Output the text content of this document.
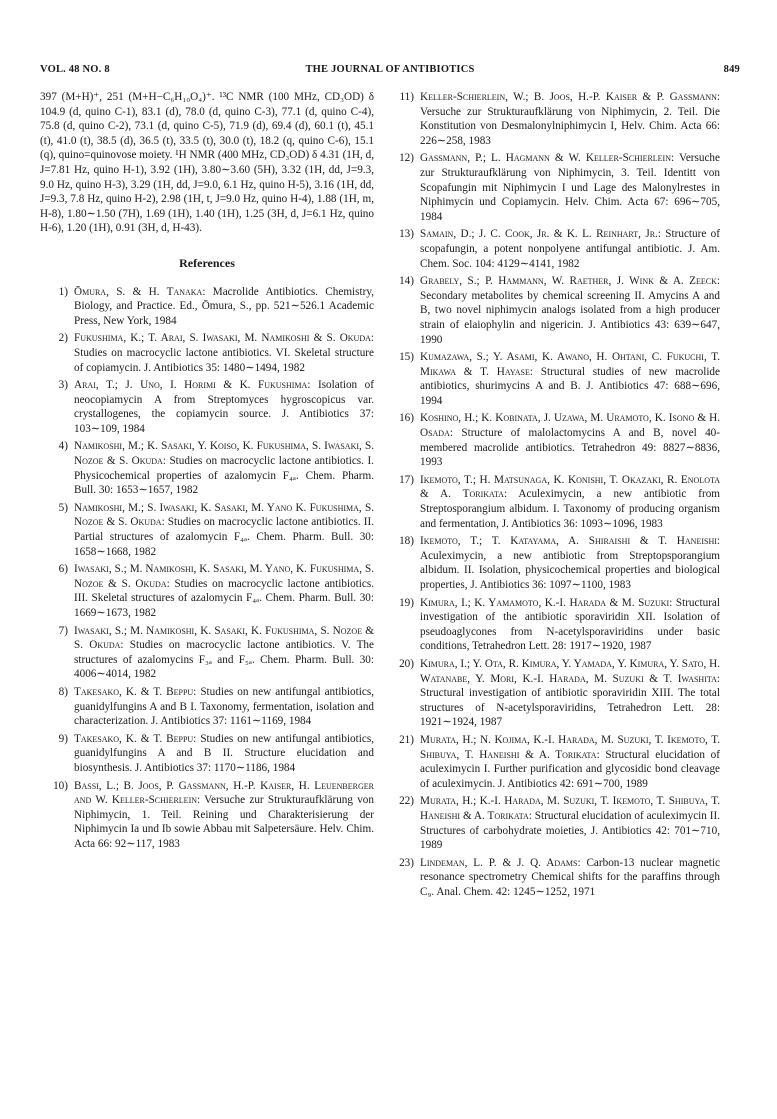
VOL. 48 NO. 8	THE JOURNAL OF ANTIBIOTICS	849

397 (M+H)⁺, 251 (M+H−C₆H₁₀O₄)⁺. ¹³C NMR (100 MHz, CD₃OD) δ 104.9 (d, quino C-1), 83.1 (d), 78.0 (d, quino C-3), 77.1 (d, quino C-4), 75.8 (d, quino C-2), 73.1 (d, quino C-5), 71.9 (d), 69.4 (d), 60.1 (t), 45.1 (t), 41.0 (t), 38.5 (d), 36.5 (t), 33.5 (t), 30.0 (t), 18.2 (q, quino C-6), 15.1 (q), quino=quinovose moiety. ¹H NMR (400 MHz, CD₃OD) δ 4.31 (1H, d, J=7.81 Hz, quino H-1), 3.92 (1H), 3.80∼3.60 (5H), 3.32 (1H, dd, J=9.3, 9.0 Hz, quino H-3), 3.29 (1H, dd, J=9.0, 6.1 Hz, quino H-5), 3.16 (1H, dd, J=9.3, 7.8 Hz, quino H-2), 2.98 (1H, t, J=9.0 Hz, quino H-4), 1.88 (1H, m, H-8), 1.80∼1.50 (7H), 1.69 (1H), 1.40 (1H), 1.25 (3H, d, J=6.1 Hz, quino H-6), 1.20 (1H), 0.91 (3H, d, H-43).

References
1) Ōmura, S. & H. Tanaka: Macrolide Antibiotics. Chemistry, Biology, and Practice. Ed., Ōmura, S., pp. 521∼526.1 Academic Press, New York, 1984
2) Fukushima, K.; T. Arai, S. Iwasaki, M. Namikoshi & S. Okuda: Studies on macrocyclic lactone antibiotics. VI. Skeletal structure of copiamycin. J. Antibiotics 35: 1480∼1494, 1982
3) Arai, T.; J. Uno, I. Horimi & K. Fukushima: Isolation of neocopiamycin A from Streptomyces hygroscopicus var. crystallogenes, the copiamycin source. J. Antibiotics 37: 103∼109, 1984
4) Namikoshi, M.; K. Sasaki, Y. Koiso, K. Fukushima, S. Iwasaki, S. Nozoe & S. Okuda: Studies on macrocyclic lactone antibiotics. I. Physicochemical properties of azalomycin F₄ₐ. Chem. Pharm. Bull. 30: 1653∼1657, 1982
5) Namikoshi, M.; S. Iwasaki, K. Sasaki, M. Yano K. Fukushima, S. Nozoe & S. Okuda: Studies on macrocyclic lactone antibiotics. II. Partial structures of azalomycin F₄ₐ. Chem. Pharm. Bull. 30: 1658∼1668, 1982
6) Iwasaki, S.; M. Namikoshi, K. Sasaki, M. Yano, K. Fukushima, S. Nozoe & S. Okuda: Studies on macrocyclic lactone antibiotics. III. Skeletal structures of azalomycin F₄ₐ. Chem. Pharm. Bull. 30: 1669∼1673, 1982
7) Iwasaki, S.; M. Namikoshi, K. Sasaki, K. Fukushima, S. Nozoe & S. Okuda: Studies on macrocyclic lactone antibiotics. V. The structures of azalomycins F₃ₐ and F₅ₐ. Chem. Pharm. Bull. 30: 4006∼4014, 1982
8) Takesako, K. & T. Beppu: Studies on new antifungal antibiotics, guanidylfungins A and B I. Taxonomy, fermentation, isolation and characterization. J. Antibiotics 37: 1161∼1169, 1984
9) Takesako, K. & T. Beppu: Studies on new antifungal antibiotics, guanidylfungins A and B II. Structure elucidation and biosynthesis. J. Antibiotics 37: 1170∼1186, 1984
10) Bassi, L.; B. Joos, P. Gassmann, H.-P. Kaiser, H. Leuenberger and W. Keller-Schierlein: Versuche zur Strukturaufklärung von Niphimycin, 1. Teil. Reining und Charakterisierung der Niphimycin Ia und Ib sowie Abbau mit Salpetersäure. Helv. Chim. Acta 66: 92∼117, 1983
11) Keller-Schierlein, W.; B. Joos, H.-P. Kaiser & P. Gassmann: Versuche zur Strukturaufklärung von Niphimycin, 2. Teil. Die Konstitution von Desmalonylniphimycin I, Helv. Chim. Acta 66: 226∼258, 1983
12) Gassmann, P.; L. Hagmann & W. Keller-Schierlein: Versuche zur Strukturaufklärung von Niphimycin, 3. Teil. Identitt von Scopafungin mit Niphimycin I und Lage des Malonylrestes in Niphimycin und Copiamycin. Helv. Chim. Acta 67: 696∼705, 1984
13) Samain, D.; J. C. Cook, Jr. & K. L. Reinhart, Jr.: Structure of scopafungin, a potent nonpolyene antifungal antibiotic. J. Am. Chem. Soc. 104: 4129∼4141, 1982
14) Grabely, S.; P. Hammann, W. Raether, J. Wink & A. Zeeck: Secondary metabolites by chemical screening II. Amycins A and B, two novel niphimycin analogs isolated from a high producer strain of elaiophylin and nigericin. J. Antibiotics 43: 639∼647, 1990
15) Kumazawa, S.; Y. Asami, K. Awano, H. Ohtani, C. Fukuchi, T. Mikawa & T. Hayase: Structural studies of new macrolide antibiotics, shurimycins A and B. J. Antibiotics 47: 688∼696, 1994
16) Koshino, H.; K. Kobinata, J. Uzawa, M. Uramoto, K. Isono & H. Osada: Structure of malolactomycins A and B, novel 40-membered macrolide antibiotics. Tetrahedron 49: 8827∼8836, 1993
17) Ikemoto, T.; H. Matsunaga, K. Konishi, T. Okazaki, R. Enolota & A. Torikata: Aculeximycin, a new antibiotic from Streptosporangium albidum. I. Taxonomy of producing organism and fermentation, J. Antibiotics 36: 1093∼1096, 1983
18) Ikemoto, T.; T. Katayama, A. Shiraishi & T. Haneishi: Aculeximycin, a new antibiotic from Streptopsporangium albidum. II. Isolation, physicochemical properties and biological properties, J. Antibiotics 36: 1097∼1100, 1983
19) Kimura, I.; K. Yamamoto, K.-I. Harada & M. Suzuki: Structural investigation of the antibiotic sporaviridin XII. Isolation of pseudoaglycones from N-acetylsporaviridins under basic conditions, Tetrahedron Lett. 28: 1917∼1920, 1987
20) Kimura, I.; Y. Ota, R. Kimura, Y. Yamada, Y. Kimura, Y. Sato, H. Watanabe, Y. Mori, K.-I. Harada, M. Suzuki & T. Iwashita: Structural investigation of antibiotic sporaviridin XIII. The total structures of N-acetylsporaviridins, Tetrahedron Lett. 28: 1921∼1924, 1987
21) Murata, H.; N. Kojima, K.-I. Harada, M. Suzuki, T. Ikemoto, T. Shibuya, T. Haneishi & A. Torikata: Structural elucidation of aculeximycin I. Further purification and glycosidic bond cleavage of aculeximycin. J. Antibiotics 42: 691∼700, 1989
22) Murata, H.; K.-I. Harada, M. Suzuki, T. Ikemoto, T. Shibuya, T. Haneishi & A. Torikata: Structural elucidation of aculeximycin II. Structures of carbohydrate moieties, J. Antibiotics 42: 701∼710, 1989
23) Lindeman, L. P. & J. Q. Adams: Carbon-13 nuclear magnetic resonance spectrometry Chemical shifts for the paraffins through C₉. Anal. Chem. 42: 1245∼1252, 1971
